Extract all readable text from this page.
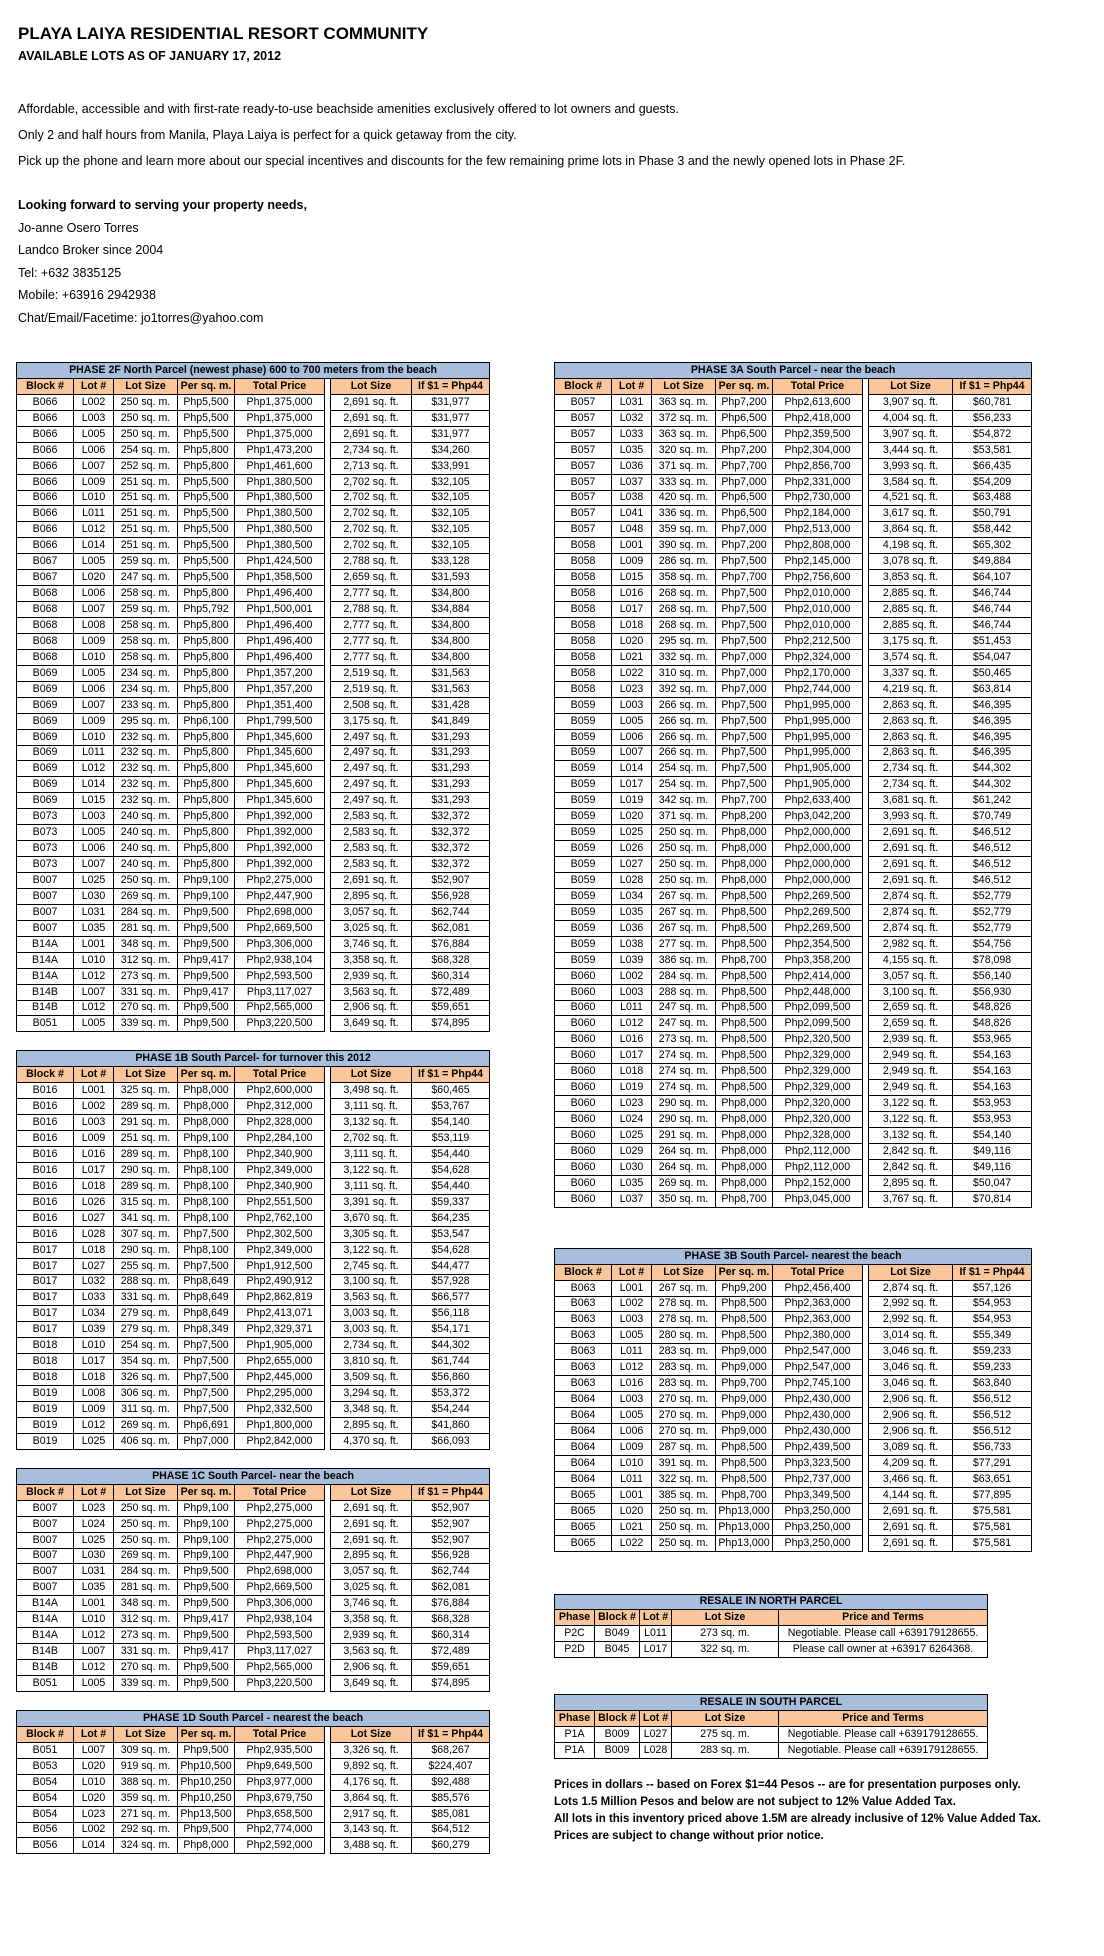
PLAYA LAIYA RESIDENTIAL RESORT COMMUNITY
AVAILABLE LOTS AS OF JANUARY 17, 2012
Affordable, accessible and with first-rate ready-to-use beachside amenities exclusively offered to lot owners and guests.
Only 2 and half hours from Manila, Playa Laiya is perfect for a quick getaway from the city.
Pick up the phone and learn more about our special incentives and discounts for the few remaining prime lots in Phase 3 and the newly opened lots in Phase 2F.
Looking forward to serving your property needs,
Jo-anne Osero Torres
Landco Broker since 2004
Tel: +632 3835125
Mobile: +63916 2942938
Chat/Email/Facetime: jo1torres@yahoo.com
PHASE 2F North Parcel (newest phase) 600 to 700 meters from the beach							
Block #	Lot #	Lot Size	Per sq. m.	Total Price		Lot Size	If $1 = Php44
B066	L002	250 sq. m.	Php5,500	Php1,375,000		2,691 sq. ft.	$31,977
B066	L003	250 sq. m.	Php5,500	Php1,375,000		2,691 sq. ft.	$31,977
B066	L005	250 sq. m.	Php5,500	Php1,375,000		2,691 sq. ft.	$31,977
B066	L006	254 sq. m.	Php5,800	Php1,473,200		2,734 sq. ft.	$34,260
B066	L007	252 sq. m.	Php5,800	Php1,461,600		2,713 sq. ft.	$33,991
B066	L009	251 sq. m.	Php5,500	Php1,380,500		2,702 sq. ft.	$32,105
B066	L010	251 sq. m.	Php5,500	Php1,380,500		2,702 sq. ft.	$32,105
B066	L011	251 sq. m.	Php5,500	Php1,380,500		2,702 sq. ft.	$32,105
B066	L012	251 sq. m.	Php5,500	Php1,380,500		2,702 sq. ft.	$32,105
B066	L014	251 sq. m.	Php5,500	Php1,380,500		2,702 sq. ft.	$32,105
B067	L005	259 sq. m.	Php5,500	Php1,424,500		2,788 sq. ft.	$33,128
B067	L020	247 sq. m.	Php5,500	Php1,358,500		2,659 sq. ft.	$31,593
B068	L006	258 sq. m.	Php5,800	Php1,496,400		2,777 sq. ft.	$34,800
B068	L007	259 sq. m.	Php5,792	Php1,500,001		2,788 sq. ft.	$34,884
B068	L008	258 sq. m.	Php5,800	Php1,496,400		2,777 sq. ft.	$34,800
B068	L009	258 sq. m.	Php5,800	Php1,496,400		2,777 sq. ft.	$34,800
B068	L010	258 sq. m.	Php5,800	Php1,496,400		2,777 sq. ft.	$34,800
B069	L005	234 sq. m.	Php5,800	Php1,357,200		2,519 sq. ft.	$31,563
B069	L006	234 sq. m.	Php5,800	Php1,357,200		2,519 sq. ft.	$31,563
B069	L007	233 sq. m.	Php5,800	Php1,351,400		2,508 sq. ft.	$31,428
B069	L009	295 sq. m.	Php6,100	Php1,799,500		3,175 sq. ft.	$41,849
B069	L010	232 sq. m.	Php5,800	Php1,345,600		2,497 sq. ft.	$31,293
B069	L011	232 sq. m.	Php5,800	Php1,345,600		2,497 sq. ft.	$31,293
B069	L012	232 sq. m.	Php5,800	Php1,345,600		2,497 sq. ft.	$31,293
B069	L014	232 sq. m.	Php5,800	Php1,345,600		2,497 sq. ft.	$31,293
B069	L015	232 sq. m.	Php5,800	Php1,345,600		2,497 sq. ft.	$31,293
B073	L003	240 sq. m.	Php5,800	Php1,392,000		2,583 sq. ft.	$32,372
B073	L005	240 sq. m.	Php5,800	Php1,392,000		2,583 sq. ft.	$32,372
B073	L006	240 sq. m.	Php5,800	Php1,392,000		2,583 sq. ft.	$32,372
B073	L007	240 sq. m.	Php5,800	Php1,392,000		2,583 sq. ft.	$32,372
B007	L025	250 sq. m.	Php9,100	Php2,275,000		2,691 sq. ft.	$52,907
B007	L030	269 sq. m.	Php9,100	Php2,447,900		2,895 sq. ft.	$56,928
B007	L031	284 sq. m.	Php9,500	Php2,698,000		3,057 sq. ft.	$62,744
B007	L035	281 sq. m.	Php9,500	Php2,669,500		3,025 sq. ft.	$62,081
B14A	L001	348 sq. m.	Php9,500	Php3,306,000		3,746 sq. ft.	$76,884
B14A	L010	312 sq. m.	Php9,417	Php2,938,104		3,358 sq. ft.	$68,328
B14A	L012	273 sq. m.	Php9,500	Php2,593,500		2,939 sq. ft.	$60,314
B14B	L007	331 sq. m.	Php9,417	Php3,117,027		3,563 sq. ft.	$72,489
B14B	L012	270 sq. m.	Php9,500	Php2,565,000		2,906 sq. ft.	$59,651
B051	L005	339 sq. m.	Php9,500	Php3,220,500		3,649 sq. ft.	$74,895
PHASE 1B South Parcel- for turnover this 2012							
Block #	Lot #	Lot Size	Per sq. m.	Total Price		Lot Size	If $1 = Php44
B016	L001	325 sq. m.	Php8,000	Php2,600,000		3,498 sq. ft.	$60,465
B016	L002	289 sq. m.	Php8,000	Php2,312,000		3,111 sq. ft.	$53,767
B016	L003	291 sq. m.	Php8,000	Php2,328,000		3,132 sq. ft.	$54,140
B016	L009	251 sq. m.	Php9,100	Php2,284,100		2,702 sq. ft.	$53,119
B016	L016	289 sq. m.	Php8,100	Php2,340,900		3,111 sq. ft.	$54,440
B016	L017	290 sq. m.	Php8,100	Php2,349,000		3,122 sq. ft.	$54,628
B016	L018	289 sq. m.	Php8,100	Php2,340,900		3,111 sq. ft.	$54,440
B016	L026	315 sq. m.	Php8,100	Php2,551,500		3,391 sq. ft.	$59,337
B016	L027	341 sq. m.	Php8,100	Php2,762,100		3,670 sq. ft.	$64,235
B016	L028	307 sq. m.	Php7,500	Php2,302,500		3,305 sq. ft.	$53,547
B017	L018	290 sq. m.	Php8,100	Php2,349,000		3,122 sq. ft.	$54,628
B017	L027	255 sq. m.	Php7,500	Php1,912,500		2,745 sq. ft.	$44,477
B017	L032	288 sq. m.	Php8,649	Php2,490,912		3,100 sq. ft.	$57,928
B017	L033	331 sq. m.	Php8,649	Php2,862,819		3,563 sq. ft.	$66,577
B017	L034	279 sq. m.	Php8,649	Php2,413,071		3,003 sq. ft.	$56,118
B017	L039	279 sq. m.	Php8,349	Php2,329,371		3,003 sq. ft.	$54,171
B018	L010	254 sq. m.	Php7,500	Php1,905,000		2,734 sq. ft.	$44,302
B018	L017	354 sq. m.	Php7,500	Php2,655,000		3,810 sq. ft.	$61,744
B018	L018	326 sq. m.	Php7,500	Php2,445,000		3,509 sq. ft.	$56,860
B019	L008	306 sq. m.	Php7,500	Php2,295,000		3,294 sq. ft.	$53,372
B019	L009	311 sq. m.	Php7,500	Php2,332,500		3,348 sq. ft.	$54,244
B019	L012	269 sq. m.	Php6,691	Php1,800,000		2,895 sq. ft.	$41,860
B019	L025	406 sq. m.	Php7,000	Php2,842,000		4,370 sq. ft.	$66,093
PHASE 1C South Parcel- near the beach							
Block #	Lot #	Lot Size	Per sq. m.	Total Price		Lot Size	If $1 = Php44
B007	L023	250 sq. m.	Php9,100	Php2,275,000		2,691 sq. ft.	$52,907
B007	L024	250 sq. m.	Php9,100	Php2,275,000		2,691 sq. ft.	$52,907
B007	L025	250 sq. m.	Php9,100	Php2,275,000		2,691 sq. ft.	$52,907
B007	L030	269 sq. m.	Php9,100	Php2,447,900		2,895 sq. ft.	$56,928
B007	L031	284 sq. m.	Php9,500	Php2,698,000		3,057 sq. ft.	$62,744
B007	L035	281 sq. m.	Php9,500	Php2,669,500		3,025 sq. ft.	$62,081
B14A	L001	348 sq. m.	Php9,500	Php3,306,000		3,746 sq. ft.	$76,884
B14A	L010	312 sq. m.	Php9,417	Php2,938,104		3,358 sq. ft.	$68,328
B14A	L012	273 sq. m.	Php9,500	Php2,593,500		2,939 sq. ft.	$60,314
B14B	L007	331 sq. m.	Php9,417	Php3,117,027		3,563 sq. ft.	$72,489
B14B	L012	270 sq. m.	Php9,500	Php2,565,000		2,906 sq. ft.	$59,651
B051	L005	339 sq. m.	Php9,500	Php3,220,500		3,649 sq. ft.	$74,895
PHASE 1D South Parcel - nearest the beach							
Block #	Lot #	Lot Size	Per sq. m.	Total Price		Lot Size	If $1 = Php44
B051	L007	309 sq. m.	Php9,500	Php2,935,500		3,326 sq. ft.	$68,267
B053	L020	919 sq. m.	Php10,500	Php9,649,500		9,892 sq. ft.	$224,407
B054	L010	388 sq. m.	Php10,250	Php3,977,000		4,176 sq. ft.	$92,488
B054	L020	359 sq. m.	Php10,250	Php3,679,750		3,864 sq. ft.	$85,576
B054	L023	271 sq. m.	Php13,500	Php3,658,500		2,917 sq. ft.	$85,081
B056	L002	292 sq. m.	Php9,500	Php2,774,000		3,143 sq. ft.	$64,512
B056	L014	324 sq. m.	Php8,000	Php2,592,000		3,488 sq. ft.	$60,279
PHASE 3A South Parcel - near the beach							
Block #	Lot #	Lot Size	Per sq. m.	Total Price		Lot Size	If $1 = Php44
B057	L031	363 sq. m.	Php7,200	Php2,613,600		3,907 sq. ft.	$60,781
B057	L032	372 sq. m.	Php6,500	Php2,418,000		4,004 sq. ft.	$56,233
B057	L033	363 sq. m.	Php6,500	Php2,359,500		3,907 sq. ft.	$54,872
B057	L035	320 sq. m.	Php7,200	Php2,304,000		3,444 sq. ft.	$53,581
B057	L036	371 sq. m.	Php7,700	Php2,856,700		3,993 sq. ft.	$66,435
B057	L037	333 sq. m.	Php7,000	Php2,331,000		3,584 sq. ft.	$54,209
B057	L038	420 sq. m.	Php6,500	Php2,730,000		4,521 sq. ft.	$63,488
B057	L041	336 sq. m.	Php6,500	Php2,184,000		3,617 sq. ft.	$50,791
B057	L048	359 sq. m.	Php7,000	Php2,513,000		3,864 sq. ft.	$58,442
B058	L001	390 sq. m.	Php7,200	Php2,808,000		4,198 sq. ft.	$65,302
B058	L009	286 sq. m.	Php7,500	Php2,145,000		3,078 sq. ft.	$49,884
B058	L015	358 sq. m.	Php7,700	Php2,756,600		3,853 sq. ft.	$64,107
B058	L016	268 sq. m.	Php7,500	Php2,010,000		2,885 sq. ft.	$46,744
B058	L017	268 sq. m.	Php7,500	Php2,010,000		2,885 sq. ft.	$46,744
B058	L018	268 sq. m.	Php7,500	Php2,010,000		2,885 sq. ft.	$46,744
B058	L020	295 sq. m.	Php7,500	Php2,212,500		3,175 sq. ft.	$51,453
B058	L021	332 sq. m.	Php7,000	Php2,324,000		3,574 sq. ft.	$54,047
B058	L022	310 sq. m.	Php7,000	Php2,170,000		3,337 sq. ft.	$50,465
B058	L023	392 sq. m.	Php7,000	Php2,744,000		4,219 sq. ft.	$63,814
B059	L003	266 sq. m.	Php7,500	Php1,995,000		2,863 sq. ft.	$46,395
B059	L005	266 sq. m.	Php7,500	Php1,995,000		2,863 sq. ft.	$46,395
B059	L006	266 sq. m.	Php7,500	Php1,995,000		2,863 sq. ft.	$46,395
B059	L007	266 sq. m.	Php7,500	Php1,995,000		2,863 sq. ft.	$46,395
B059	L014	254 sq. m.	Php7,500	Php1,905,000		2,734 sq. ft.	$44,302
B059	L017	254 sq. m.	Php7,500	Php1,905,000		2,734 sq. ft.	$44,302
B059	L019	342 sq. m.	Php7,700	Php2,633,400		3,681 sq. ft.	$61,242
B059	L020	371 sq. m.	Php8,200	Php3,042,200		3,993 sq. ft.	$70,749
B059	L025	250 sq. m.	Php8,000	Php2,000,000		2,691 sq. ft.	$46,512
B059	L026	250 sq. m.	Php8,000	Php2,000,000		2,691 sq. ft.	$46,512
B059	L027	250 sq. m.	Php8,000	Php2,000,000		2,691 sq. ft.	$46,512
B059	L028	250 sq. m.	Php8,000	Php2,000,000		2,691 sq. ft.	$46,512
B059	L034	267 sq. m.	Php8,500	Php2,269,500		2,874 sq. ft.	$52,779
B059	L035	267 sq. m.	Php8,500	Php2,269,500		2,874 sq. ft.	$52,779
B059	L036	267 sq. m.	Php8,500	Php2,269,500		2,874 sq. ft.	$52,779
B059	L038	277 sq. m.	Php8,500	Php2,354,500		2,982 sq. ft.	$54,756
B059	L039	386 sq. m.	Php8,700	Php3,358,200		4,155 sq. ft.	$78,098
B060	L002	284 sq. m.	Php8,500	Php2,414,000		3,057 sq. ft.	$56,140
B060	L003	288 sq. m.	Php8,500	Php2,448,000		3,100 sq. ft.	$56,930
B060	L011	247 sq. m.	Php8,500	Php2,099,500		2,659 sq. ft.	$48,826
B060	L012	247 sq. m.	Php8,500	Php2,099,500		2,659 sq. ft.	$48,826
B060	L016	273 sq. m.	Php8,500	Php2,320,500		2,939 sq. ft.	$53,965
B060	L017	274 sq. m.	Php8,500	Php2,329,000		2,949 sq. ft.	$54,163
B060	L018	274 sq. m.	Php8,500	Php2,329,000		2,949 sq. ft.	$54,163
B060	L019	274 sq. m.	Php8,500	Php2,329,000		2,949 sq. ft.	$54,163
B060	L023	290 sq. m.	Php8,000	Php2,320,000		3,122 sq. ft.	$53,953
B060	L024	290 sq. m.	Php8,000	Php2,320,000		3,122 sq. ft.	$53,953
B060	L025	291 sq. m.	Php8,000	Php2,328,000		3,132 sq. ft.	$54,140
B060	L029	264 sq. m.	Php8,000	Php2,112,000		2,842 sq. ft.	$49,116
B060	L030	264 sq. m.	Php8,000	Php2,112,000		2,842 sq. ft.	$49,116
B060	L035	269 sq. m.	Php8,000	Php2,152,000		2,895 sq. ft.	$50,047
B060	L037	350 sq. m.	Php8,700	Php3,045,000		3,767 sq. ft.	$70,814
PHASE 3B South Parcel- nearest the beach							
Block #	Lot #	Lot Size	Per sq. m.	Total Price		Lot Size	If $1 = Php44
B063	L001	267 sq. m.	Php9,200	Php2,456,400		2,874 sq. ft.	$57,126
B063	L002	278 sq. m.	Php8,500	Php2,363,000		2,992 sq. ft.	$54,953
B063	L003	278 sq. m.	Php8,500	Php2,363,000		2,992 sq. ft.	$54,953
B063	L005	280 sq. m.	Php8,500	Php2,380,000		3,014 sq. ft.	$55,349
B063	L011	283 sq. m.	Php9,000	Php2,547,000		3,046 sq. ft.	$59,233
B063	L012	283 sq. m.	Php9,000	Php2,547,000		3,046 sq. ft.	$59,233
B063	L016	283 sq. m.	Php9,700	Php2,745,100		3,046 sq. ft.	$63,840
B064	L003	270 sq. m.	Php9,000	Php2,430,000		2,906 sq. ft.	$56,512
B064	L005	270 sq. m.	Php9,000	Php2,430,000		2,906 sq. ft.	$56,512
B064	L006	270 sq. m.	Php9,000	Php2,430,000		2,906 sq. ft.	$56,512
B064	L009	287 sq. m.	Php8,500	Php2,439,500		3,089 sq. ft.	$56,733
B064	L010	391 sq. m.	Php8,500	Php3,323,500		4,209 sq. ft.	$77,291
B064	L011	322 sq. m.	Php8,500	Php2,737,000		3,466 sq. ft.	$63,651
B065	L001	385 sq. m.	Php8,700	Php3,349,500		4,144 sq. ft.	$77,895
B065	L020	250 sq. m.	Php13,000	Php3,250,000		2,691 sq. ft.	$75,581
B065	L021	250 sq. m.	Php13,000	Php3,250,000		2,691 sq. ft.	$75,581
B065	L022	250 sq. m.	Php13,000	Php3,250,000		2,691 sq. ft.	$75,581
RESALE IN NORTH PARCEL				
Phase	Block #	Lot #	Lot Size	Price and Terms
P2C	B049	L011	273 sq. m.	Negotiable. Please call +639179128655.
P2D	B045	L017	322 sq. m.	Please call owner at +63917 6264368.
RESALE IN SOUTH PARCEL				
Phase	Block #	Lot #	Lot Size	Price and Terms
P1A	B009	L027	275 sq. m.	Negotiable. Please call +639179128655.
P1A	B009	L028	283 sq. m.	Negotiable. Please call +639179128655.
Prices in dollars -- based on Forex $1=44 Pesos -- are for presentation purposes only.
Lots 1.5 Million Pesos and below are not subject to 12% Value Added Tax.
All lots in this inventory priced above 1.5M are already inclusive of 12% Value Added Tax.
Prices are subject to change without prior notice.
